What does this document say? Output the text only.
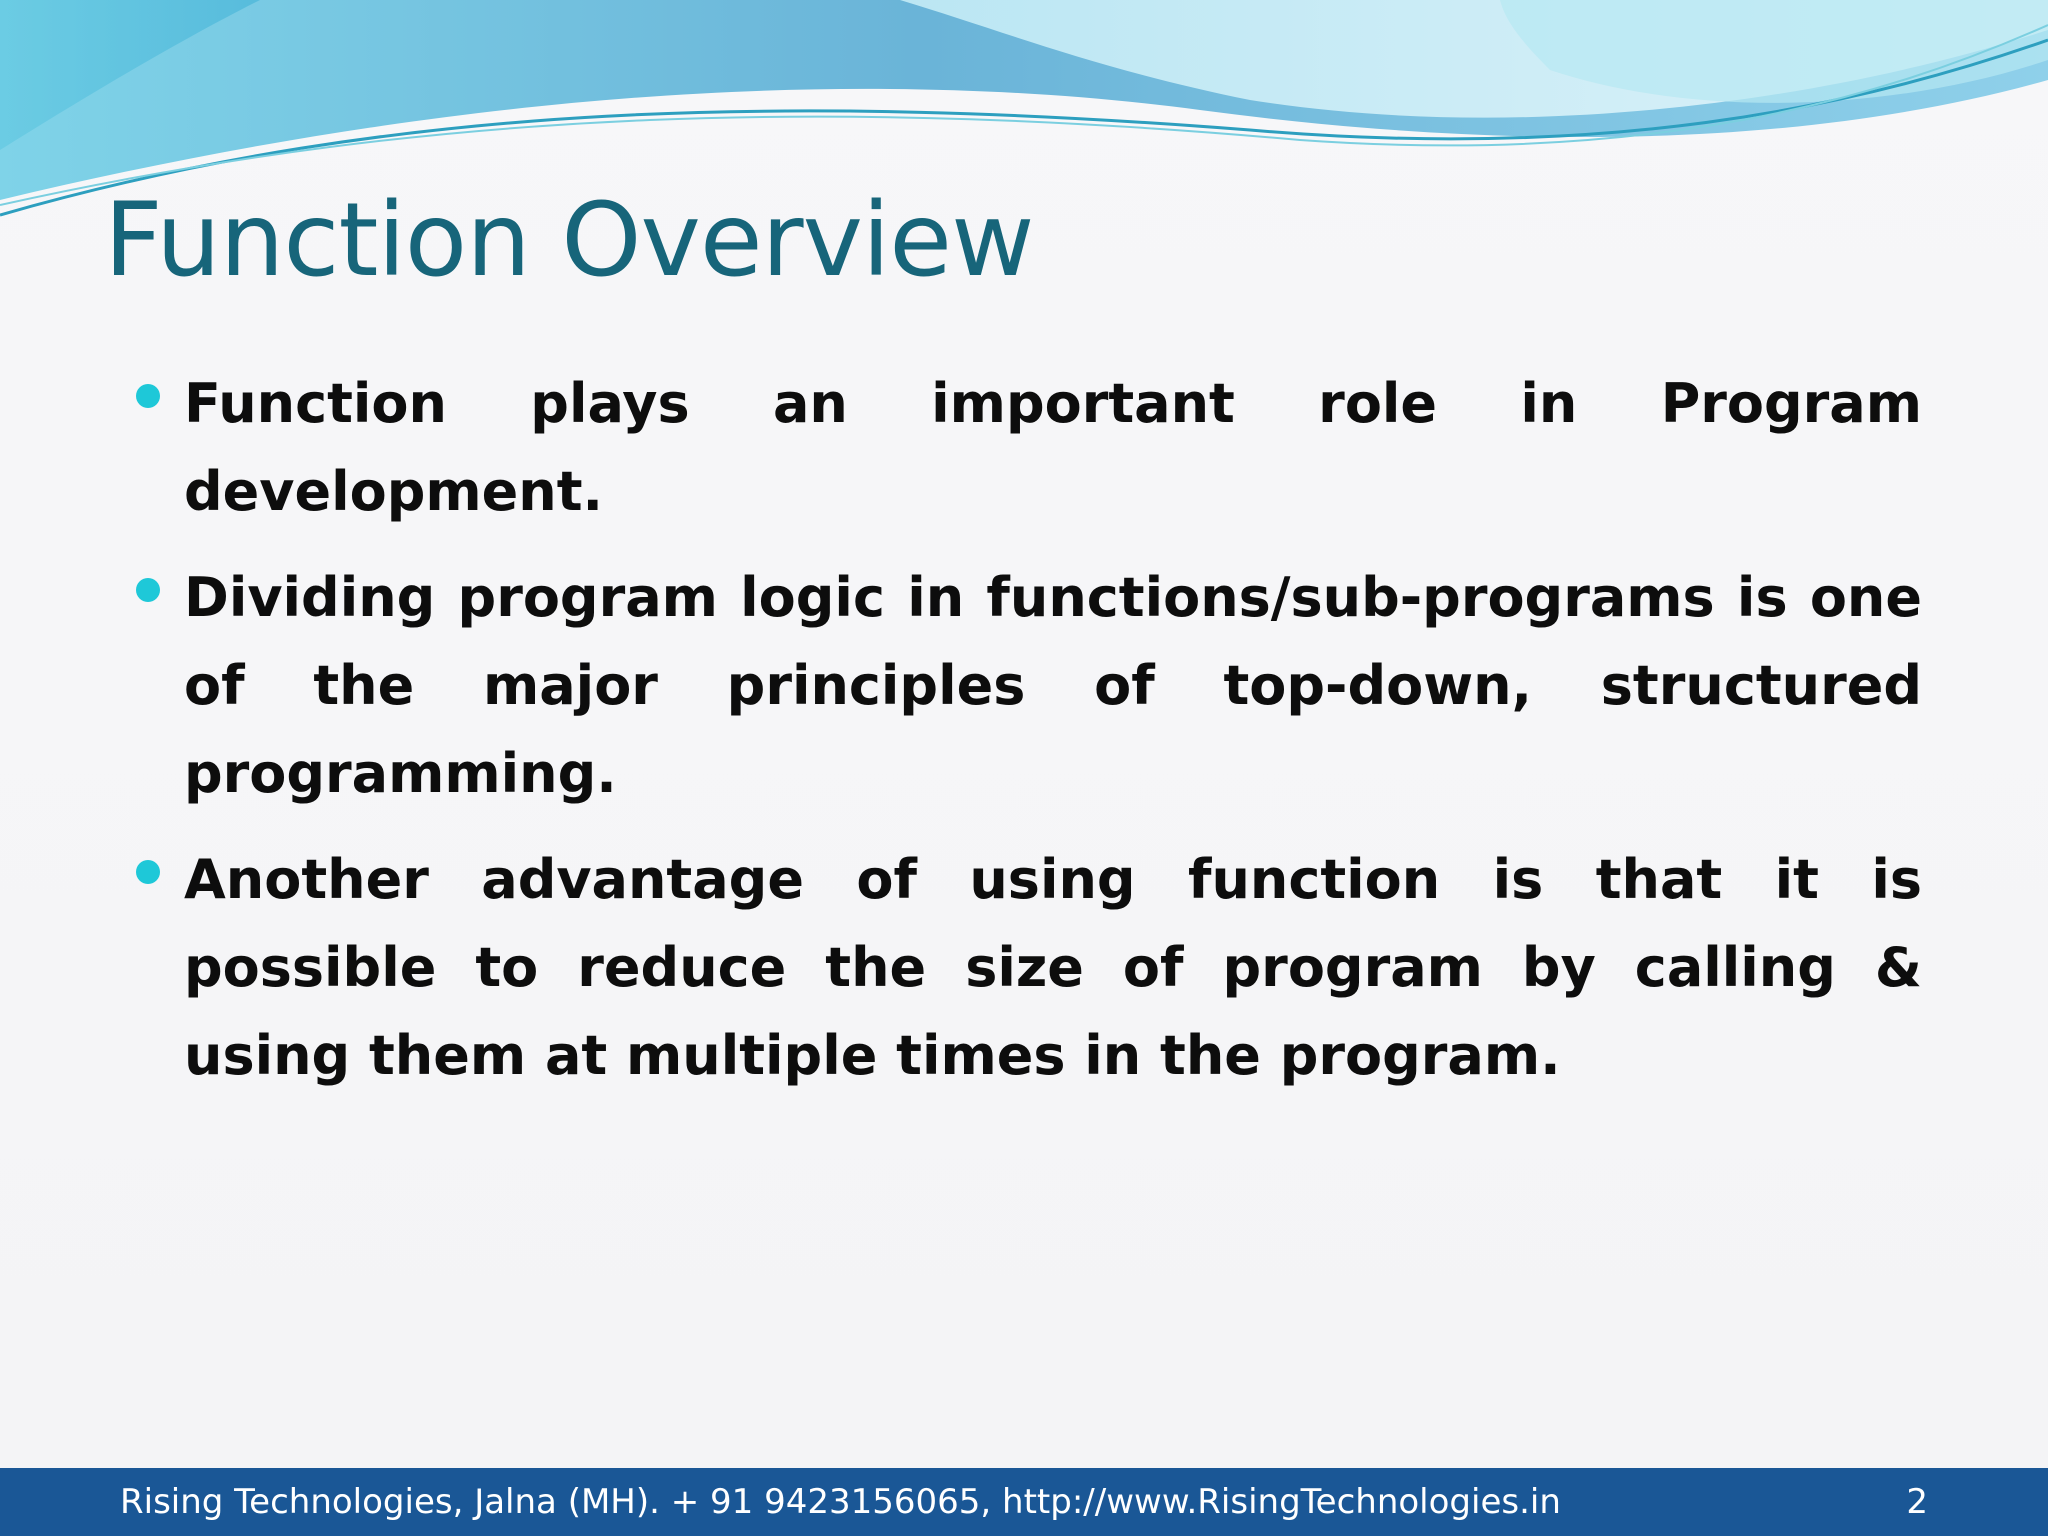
Function Overview
Function plays an important role in Program development.
Dividing program logic in functions/sub-programs is one of the major principles of top-down, structured programming.
Another advantage of using function is that it is possible to reduce the size of program by calling & using them at multiple times in the program.
Rising Technologies, Jalna (MH). + 91 9423156065, http://www.RisingTechnologies.in	2
